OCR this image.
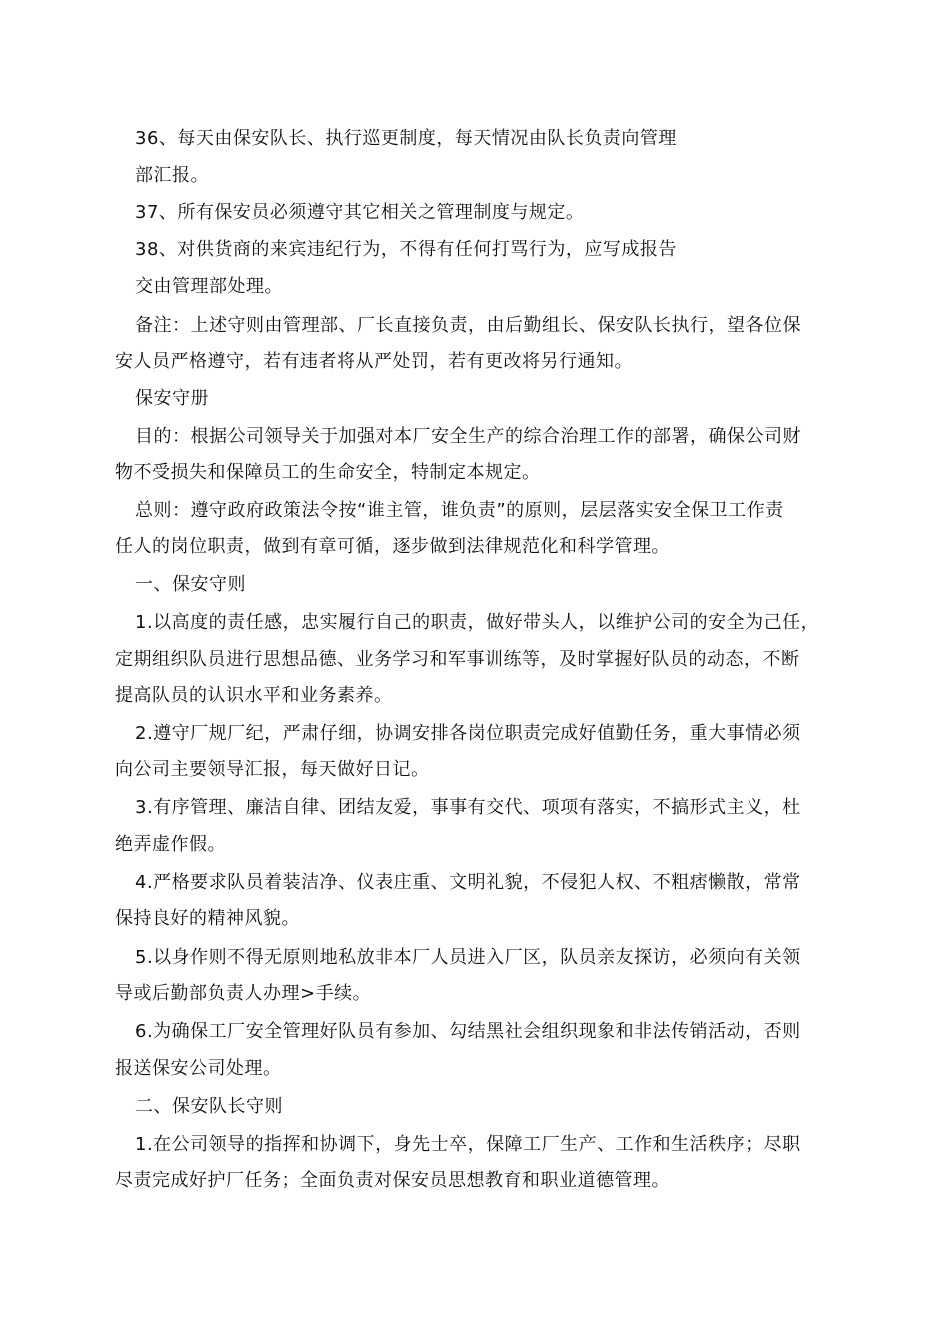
36、每天由保安队长、执行巡更制度，每天情况由队长负责向管理
部汇报。
37、所有保安员必须遵守其它相关之管理制度与规定。
38、对供货商的来宾违纪行为，不得有任何打骂行为，应写成报告
交由管理部处理。
备注：上述守则由管理部、厂长直接负责，由后勤组长、保安队长执行，望各位保
安人员严格遵守，若有违者将从严处罚，若有更改将另行通知。
保安守册
目的：根据公司领导关于加强对本厂安全生产的综合治理工作的部署，确保公司财
物不受损失和保障员工的生命安全，特制定本规定。
总则：遵守政府政策法令按“谁主管，谁负责”的原则，层层落实安全保卫工作责
任人的岗位职责，做到有章可循，逐步做到法律规范化和科学管理。
一、保安守则
1.以高度的责任感，忠实履行自己的职责，做好带头人，以维护公司的安全为己任，
定期组织队员进行思想品德、业务学习和军事训练等，及时掌握好队员的动态，不断
提高队员的认识水平和业务素养。
2.遵守厂规厂纪，严肃仔细，协调安排各岗位职责完成好值勤任务，重大事情必须
向公司主要领导汇报，每天做好日记。
3.有序管理、廉洁自律、团结友爱，事事有交代、项项有落实，不搞形式主义，杜
绝弄虚作假。
4.严格要求队员着装洁净、仪表庄重、文明礼貌，不侵犯人权、不粗痞懒散，常常
保持良好的精神风貌。
5.以身作则不得无原则地私放非本厂人员进入厂区，队员亲友探访，必须向有关领
导或后勤部负责人办理>手续。
6.为确保工厂安全管理好队员有参加、勾结黑社会组织现象和非法传销活动，否则
报送保安公司处理。
二、保安队长守则
1.在公司领导的指挥和协调下，身先士卒，保障工厂生产、工作和生活秩序；尽职
尽责完成好护厂任务；全面负责对保安员思想教育和职业道德管理。
